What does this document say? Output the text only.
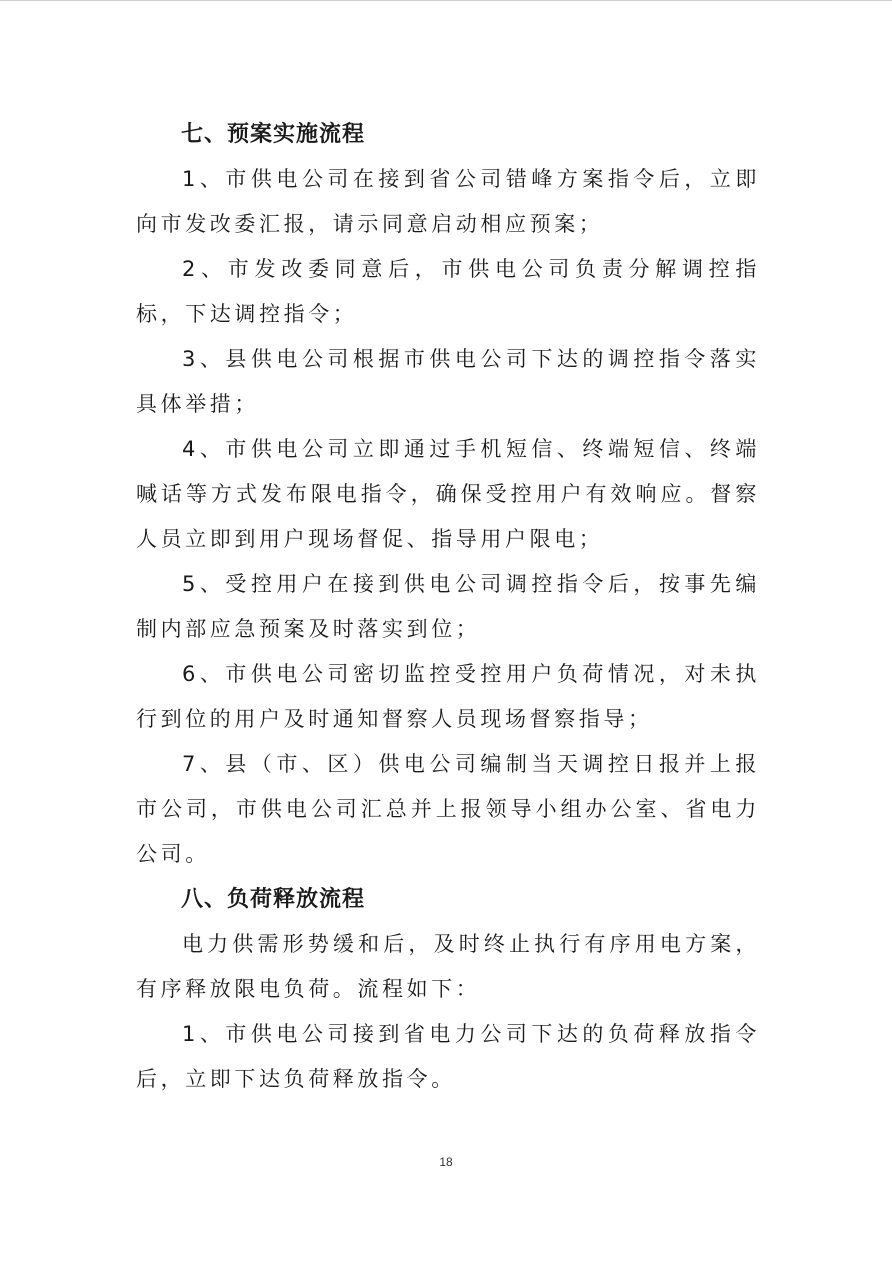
七、预案实施流程
1、市供电公司在接到省公司错峰方案指令后，立即向市发改委汇报，请示同意启动相应预案；
2、市发改委同意后，市供电公司负责分解调控指标，下达调控指令；
3、县供电公司根据市供电公司下达的调控指令落实具体举措；
4、市供电公司立即通过手机短信、终端短信、终端喊话等方式发布限电指令，确保受控用户有效响应。督察人员立即到用户现场督促、指导用户限电；
5、受控用户在接到供电公司调控指令后，按事先编制内部应急预案及时落实到位；
6、市供电公司密切监控受控用户负荷情况，对未执行到位的用户及时通知督察人员现场督察指导；
7、县（市、区）供电公司编制当天调控日报并上报市公司，市供电公司汇总并上报领导小组办公室、省电力公司。
八、负荷释放流程
电力供需形势缓和后，及时终止执行有序用电方案，有序释放限电负荷。流程如下：
1、市供电公司接到省电力公司下达的负荷释放指令后，立即下达负荷释放指令。
18
